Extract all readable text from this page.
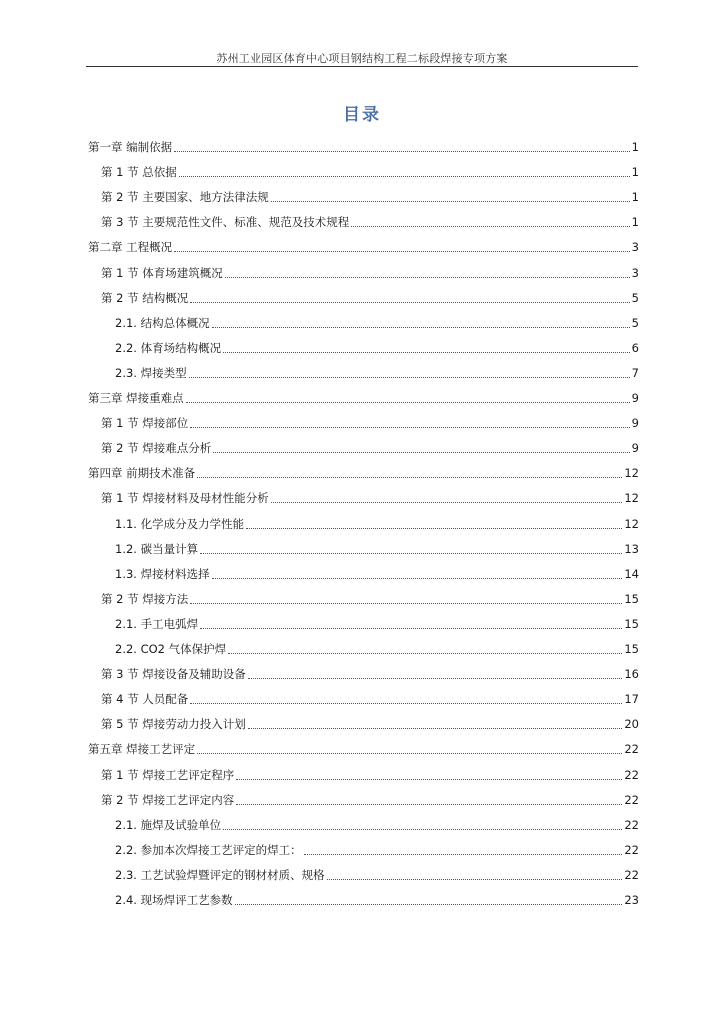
苏州工业园区体育中心项目钢结构工程二标段焊接专项方案
目录
第一章 编制依据	1
第 1 节 总依据	1
第 2 节 主要国家、地方法律法规	1
第 3 节 主要规范性文件、标准、规范及技术规程	1
第二章 工程概况	3
第 1 节 体育场建筑概况	3
第 2 节 结构概况	5
2.1. 结构总体概况	5
2.2. 体育场结构概况	6
2.3. 焊接类型	7
第三章 焊接重难点	9
第 1 节 焊接部位	9
第 2 节 焊接难点分析	9
第四章 前期技术准备	12
第 1 节 焊接材料及母材性能分析	12
1.1. 化学成分及力学性能	12
1.2. 碳当量计算	13
1.3. 焊接材料选择	14
第 2 节 焊接方法	15
2.1. 手工电弧焊	15
2.2. CO2 气体保护焊	15
第 3 节 焊接设备及辅助设备	16
第 4 节 人员配备	17
第 5 节 焊接劳动力投入计划	20
第五章 焊接工艺评定	22
第 1 节 焊接工艺评定程序	22
第 2 节 焊接工艺评定内容	22
2.1. 施焊及试验单位	22
2.2. 参加本次焊接工艺评定的焊工：	22
2.3. 工艺试验焊暨评定的钢材材质、规格	22
2.4. 现场焊评工艺参数	23
